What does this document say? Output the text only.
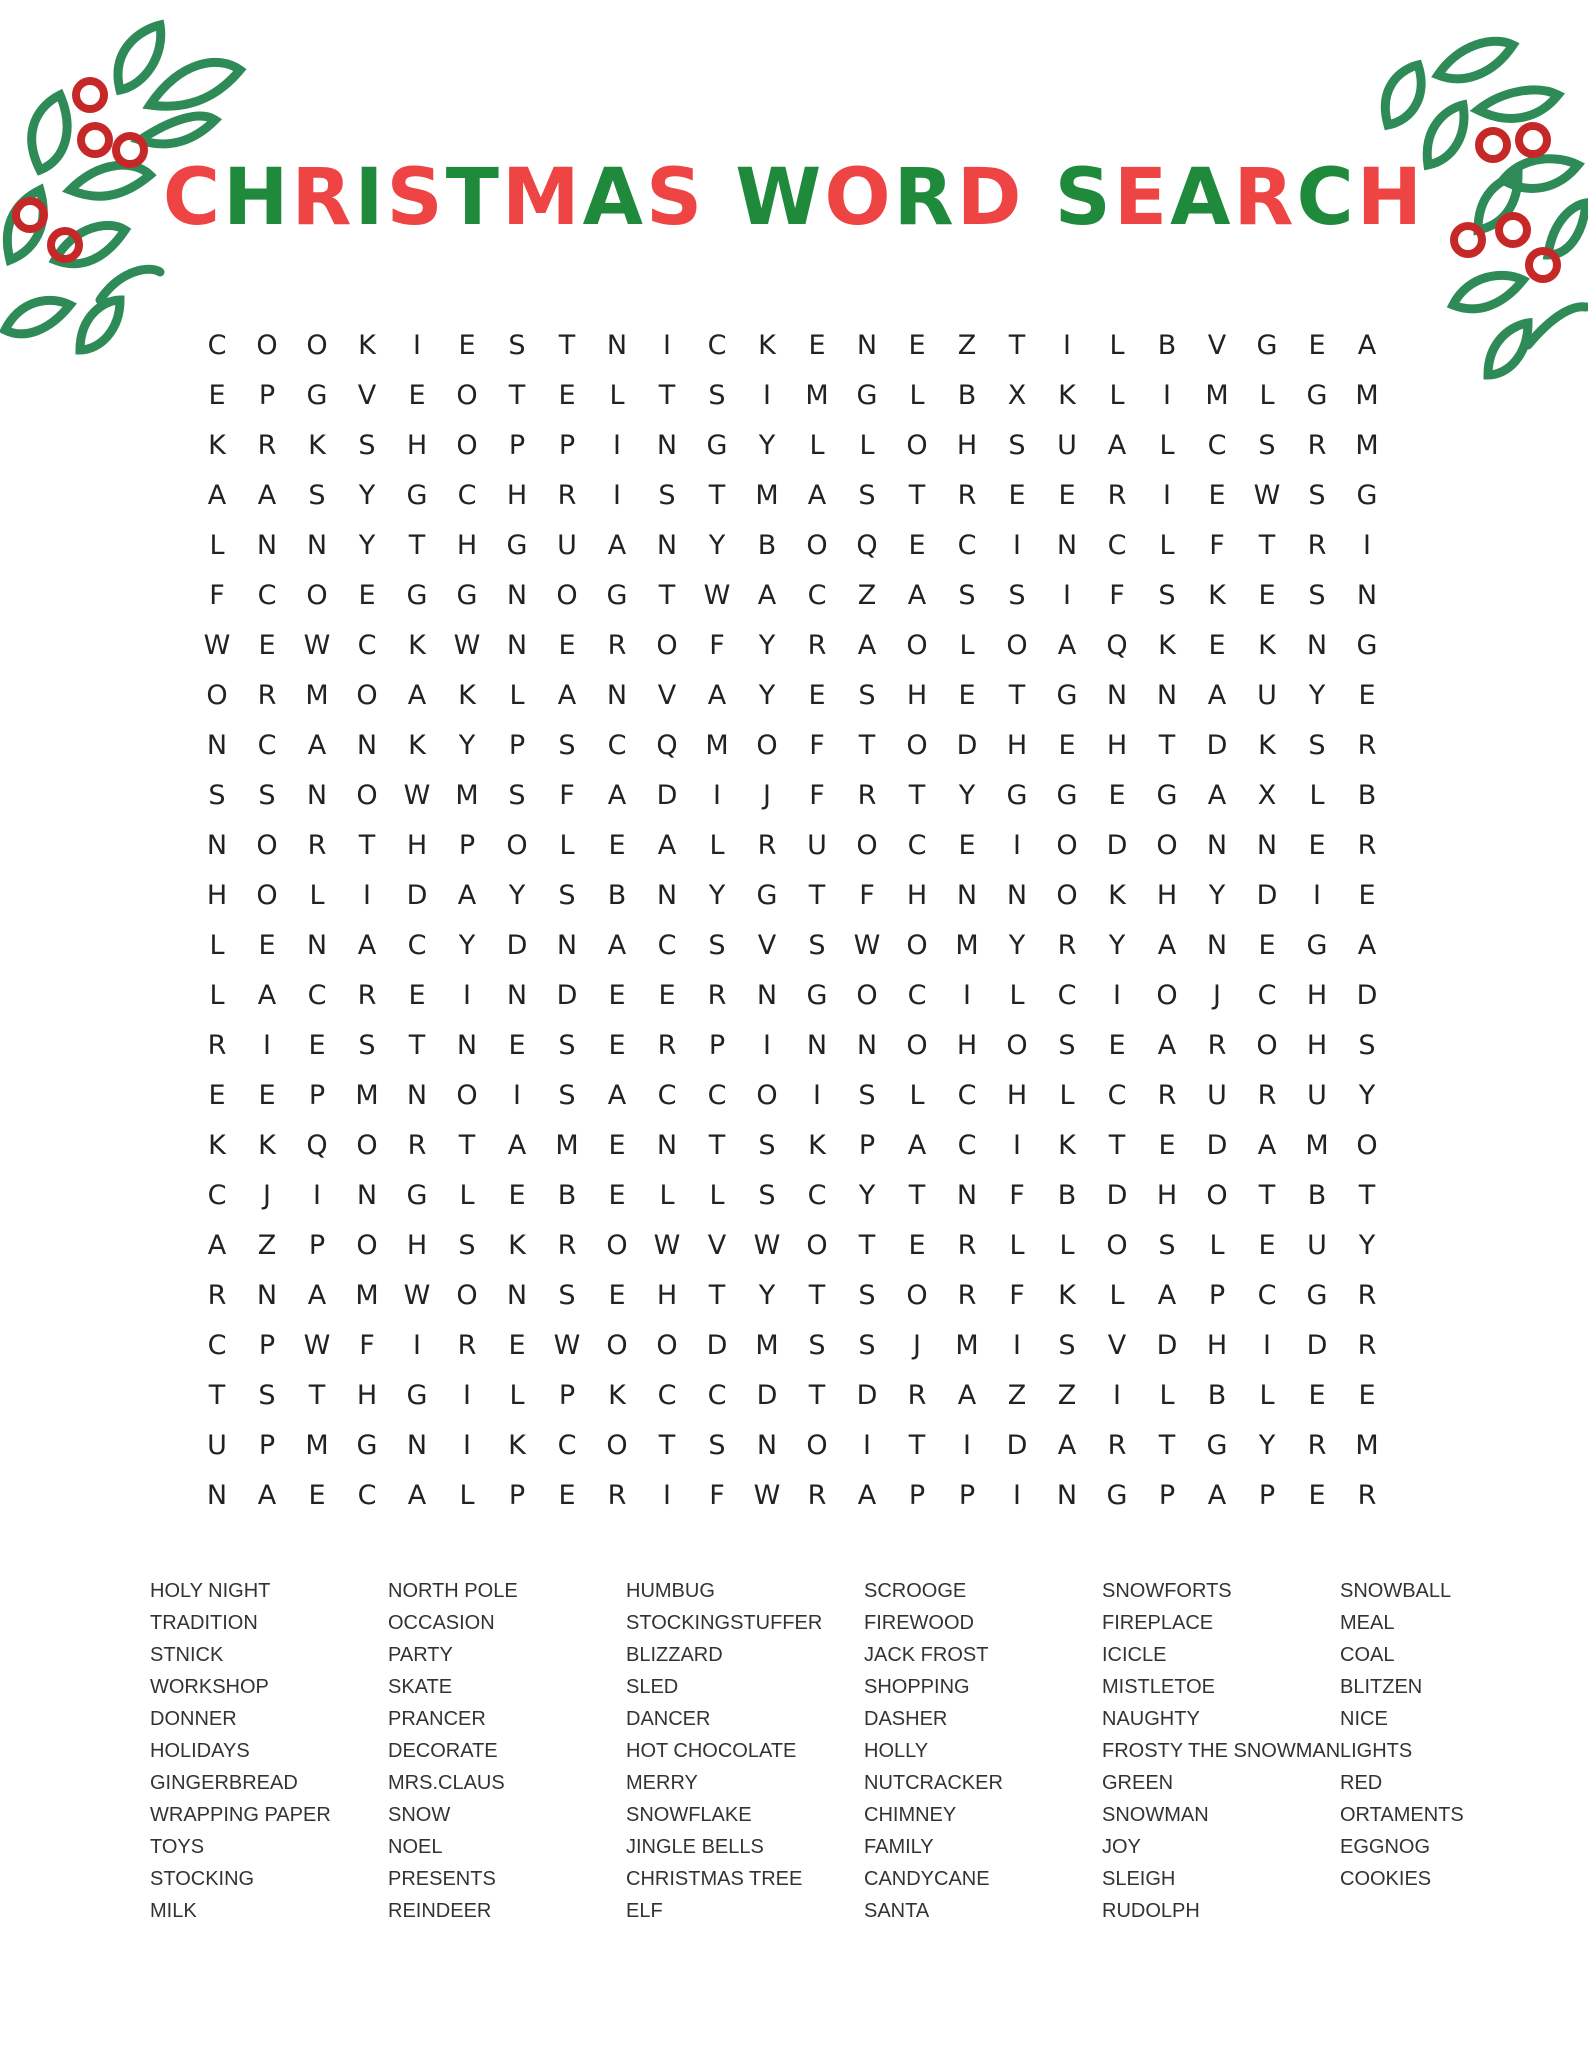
CHRISTMAS WORD SEARCH
C	O	O	K	I	E	S	T	N	I	C	K	E	N	E	Z	T	I	L	B	V	G	E	A
E	P	G	V	E	O	T	E	L	T	S	I	M	G	L	B	X	K	L	I	M	L	G	M
K	R	K	S	H	O	P	P	I	N	G	Y	L	L	O	H	S	U	A	L	C	S	R	M
A	A	S	Y	G	C	H	R	I	S	T	M	A	S	T	R	E	E	R	I	E	W	S	G
L	N	N	Y	T	H	G	U	A	N	Y	B	O	Q	E	C	I	N	C	L	F	T	R	I
F	C	O	E	G	G	N	O	G	T	W	A	C	Z	A	S	S	I	F	S	K	E	S	N
W	E	W	C	K	W N	E	R	O	F	Y	R	A	O	L	O	A	Q	K	E	K	N	G
O	R	M	O	A	K	L	A	N	V	A	Y	E	S	H	E	T	G	N	N	A	U	Y	E
N	C	A	N	K	Y	P	S	C	Q	M	O	F	T	O	D	H	E	H	T	D	K	S	R
S	S	N	O W M	S	F	A	D	I	J	F	R	T	Y	G	G	E	G	A	X	L	B
N	O	R	T	H	P	O	L	E	A	L	R	U	O	C	E	I	O	D	O	N	N	E	R
H	O	L	I	D	A	Y	S	B	N	Y	G	T	F	H	N	N	O	K	H	Y	D	I	E
L	E	N	A	C	Y	D	N	A	C	S	V	S	W O	M	Y	R	Y	A	N	E	G	A
L	A	C	R	E	I	N	D	E	E	R	N	G	O	C	I	L	C	I	O	J	C	H	D
R	I	E	S	T	N	E	S	E	R	P	I	N	N	O	H	O	S	E	A	R	O	H	S
E	E	P	M	N	O	I	S	A	C	C	O	I	S	L	C	H	L	C	R	U	R	U	Y
K	K	Q	O	R	T	A	M	E	N	T	S	K	P	A	C	I	K	T	E	D	A	M	O
C	J	I	N	G	L	E	B	E	L	L	S	C	Y	T	N	F	B	D	H	O	T	B	T
A	Z	P	O	H	S	K	R	O W	V	W O	T	E	R	L	L	O	S	L	E	U	Y
R	N	A	M W O	N	S	E	H	T	Y	T	S	O	R	F	K	L	A	P	C	G	R
C	P	W	F	I	R	E	W O	O	D	M	S	S	J	M	I	S	V	D	H	I	D	R
T	S	T	H	G	I	L	P	K	C	C	D	T	D	R	A	Z	Z	I	L	B	L	E	E
U	P	M	G	N	I	K	C	O	T	S	N	O	I	T	I	D	A	R	T	G	Y	R	M
N	A	E	C	A	L	P	E	R	I	F	W	R	A	P	P	I	N	G	P	A	P	E	R
HOLY NIGHT
TRADITION
STNICK
WORKSHOP
DONNER
HOLIDAYS
GINGERBREAD
WRAPPING PAPER
TOYS
STOCKING
MILK
NORTH POLE
OCCASION
PARTY
SKATE
PRANCER
DECORATE
MRS.CLAUS
SNOW
NOEL
PRESENTS
REINDEER
HUMBUG
STOCKINGSTUFFER
BLIZZARD
SLED
DANCER
HOT CHOCOLATE
MERRY
SNOWFLAKE
JINGLE BELLS
CHRISTMAS TREE
ELF
SCROOGE
FIREWOOD
JACK FROST
SHOPPING
DASHER
HOLLY
NUTCRACKER
CHIMNEY
FAMILY
CANDYCANE
SANTA
SNOWFORTS
FIREPLACE
ICICLE
MISTLETOE
NAUGHTY
FROSTY THE SNOWMAN
GREEN
SNOWMAN
JOY
SLEIGH
RUDOLPH
SNOWBALL
MEAL
COAL
BLITZEN
NICE
LIGHTS
RED
ORTAMENTS
EGGNOG
COOKIES
